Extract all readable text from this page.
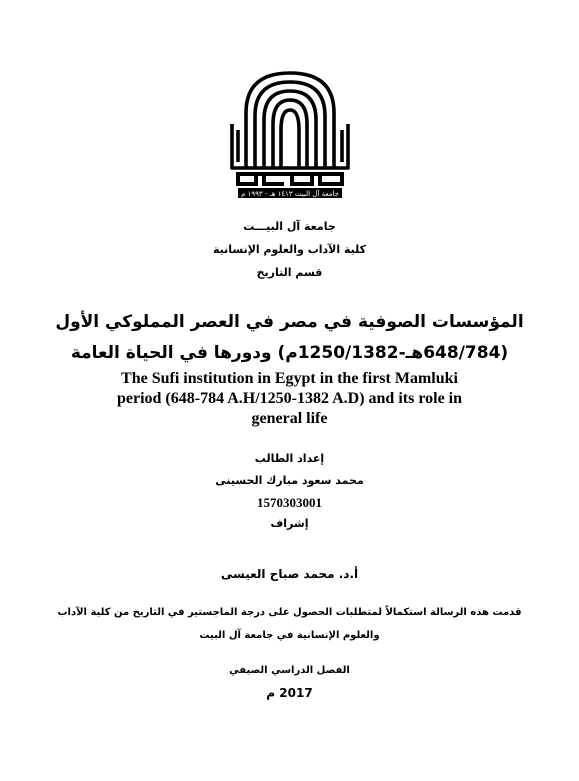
جامعة آل البيت ١٤١٣ هـ - ١٩٩٣ م
جامعة آل البيـــت
كلية الآداب والعلوم الإنسانية
قسم التاريخ
المؤسسات الصوفية في مصر في العصر المملوكي الأول
(648/784هـ-1250/1382م) ودورها في الحياة العامة
The Sufi institution in Egypt in the first Mamluki
period (648-784 A.H/1250-1382 A.D) and its role in
general life
إعداد الطالب
محمد سعود مبارك الحسينى
1570303001
إشراف
أ.د. محمد صباح العيسى
قدمت هذه الرسالة استكمالاً لمتطلبات الحصول على درجة الماجستير في التاريخ من كلية الآداب
والعلوم الإنسانية في جامعة آل البيت
الفصل الدراسي الصيفي
2017 م
